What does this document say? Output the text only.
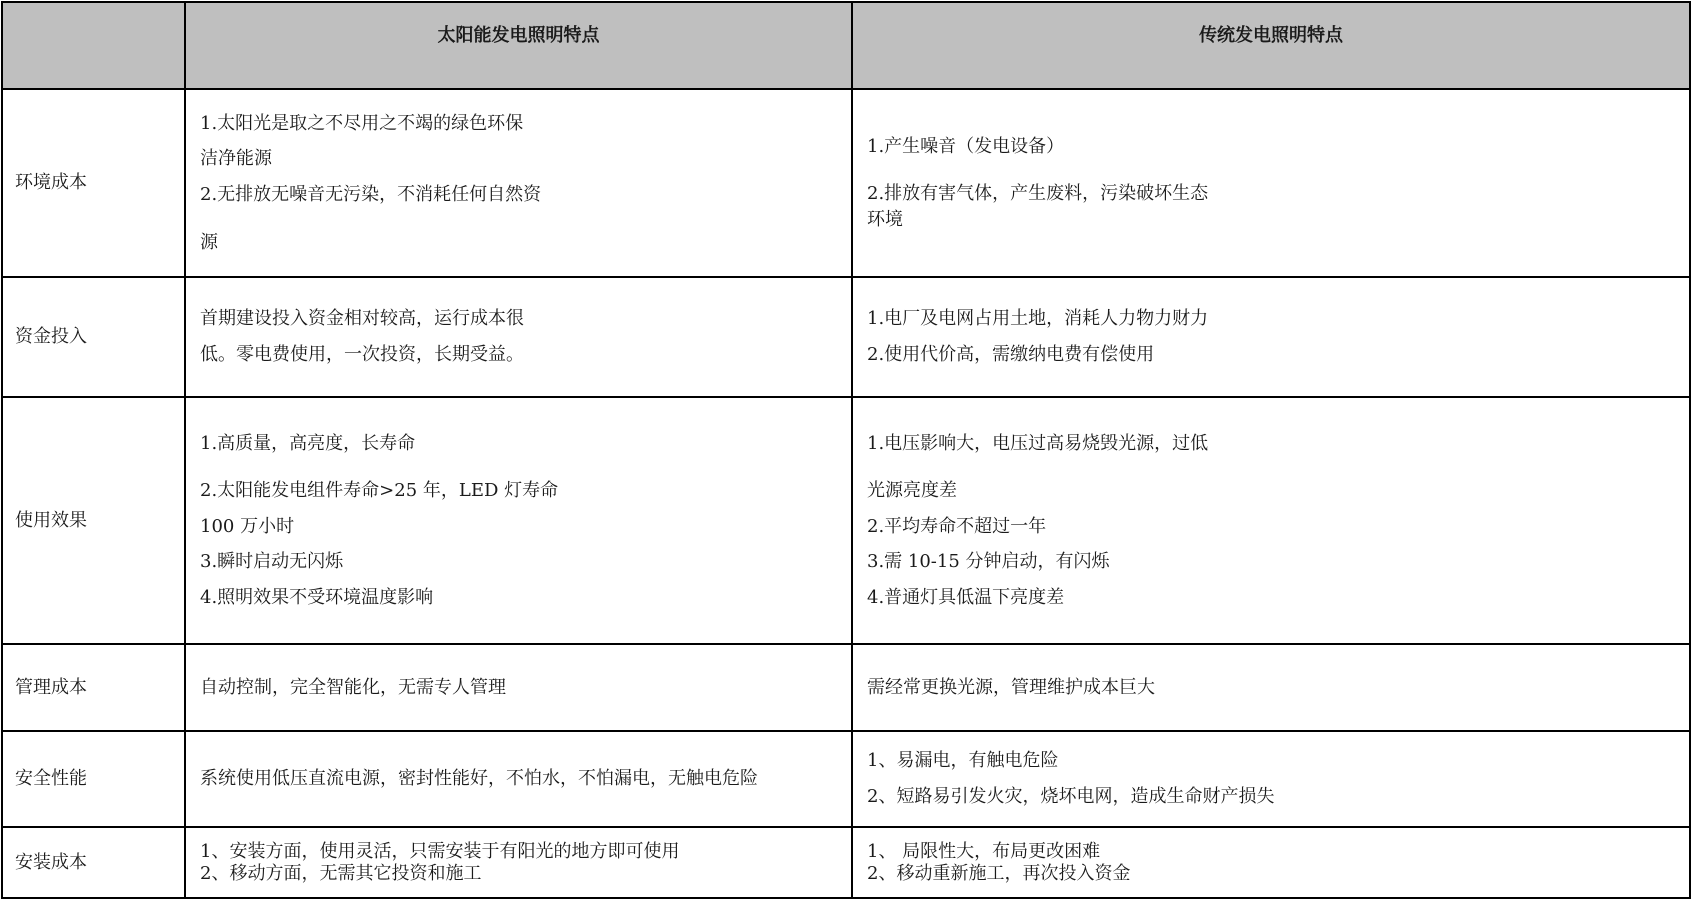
	太阳能发电照明特点	传统发电照明特点
环境成本	1.太阳光是取之不尽用之不竭的绿色环保
洁净能源
2.无排放无噪音无污染，不消耗任何自然资
源	1.产生噪音（发电设备）
2.排放有害气体，产生废料，污染破坏生态
环境

资金投入	首期建设投入资金相对较高，运行成本很
低。零电费使用，一次投资，长期受益。	1.电厂及电网占用土地，消耗人力物力财力
2.使用代价高，需缴纳电费有偿使用

使用效果	1.高质量，高亮度，长寿命
2.太阳能发电组件寿命>25 年，LED 灯寿命
100 万小时
3.瞬时启动无闪烁
4.照明效果不受环境温度影响	1.电压影响大，电压过高易烧毁光源，过低
光源亮度差
2.平均寿命不超过一年
3.需 10-15 分钟启动，有闪烁
4.普通灯具低温下亮度差

管理成本	自动控制，完全智能化，无需专人管理	需经常更换光源，管理维护成本巨大

安全性能	系统使用低压直流电源，密封性能好，不怕水，不怕漏电，无触电危险	1、易漏电，有触电危险
2、短路易引发火灾，烧坏电网，造成生命财产损失

安装成本	1、安装方面，使用灵活，只需安装于有阳光的地方即可使用
2、移动方面，无需其它投资和施工	1、 局限性大，布局更改困难
2、移动重新施工，再次投入资金
